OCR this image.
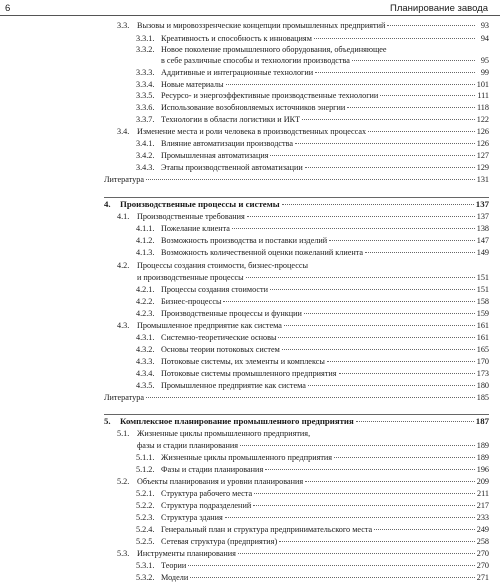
6	Планирование завода
3.3. Вызовы и мировоззренческие концепции промышленных предприятий	93
3.3.1. Креативность и способность к инновациям	94
3.3.2. Новое поколение промышленного оборудования, объединяющее
в себе различные способы и технологии производства	95
3.3.3. Аддитивные и интеграционные технологии	99
3.3.4. Новые материалы	101
3.3.5. Ресурсо- и энергоэффективные производственные технологии	111
3.3.6. Использование возобновляемых источников энергии	118
3.3.7. Технологии в области логистики и ИКТ	122
3.4. Изменение места и роли человека в производственных процессах	126
3.4.1. Влияние автоматизации производства	126
3.4.2. Промышленная автоматизация	127
3.4.3. Этапы производственной автоматизации	129
Литература	131
4.	Производственные процессы и системы	137
4.1. Производственные требования	137
4.1.1. Пожелание клиента	138
4.1.2. Возможность производства и поставки изделий	147
4.1.3. Возможность количественной оценки пожеланий клиента	149
4.2. Процессы создания стоимости, бизнес-процессы
и производственные процессы	151
4.2.1. Процессы создания стоимости	151
4.2.2. Бизнес-процессы	158
4.2.3. Производственные процессы и функции	159
4.3. Промышленное предприятие как система	161
4.3.1. Системно-теоретические основы	161
4.3.2. Основы теории потоковых систем	165
4.3.3. Потоковые системы, их элементы и комплексы	170
4.3.4. Потоковые системы промышленного предприятия	173
4.3.5. Промышленное предприятие как система	180
Литература	185
5.	Комплексное планирование промышленного предприятия	187
5.1. Жизненные циклы промышленного предприятия,
фазы и стадии планирования	189
5.1.1. Жизненные циклы промышленного предприятия	189
5.1.2. Фазы и стадии планирования	196
5.2. Объекты планирования и уровни планирования	209
5.2.1. Структура рабочего места	211
5.2.2. Структура подразделений	217
5.2.3. Структура здания	233
5.2.4. Генеральный план и структура предпринимательского места	249
5.2.5. Сетевая структура (предприятия)	258
5.3. Инструменты планирования	270
5.3.1. Теории	270
5.3.2. Модели	271
